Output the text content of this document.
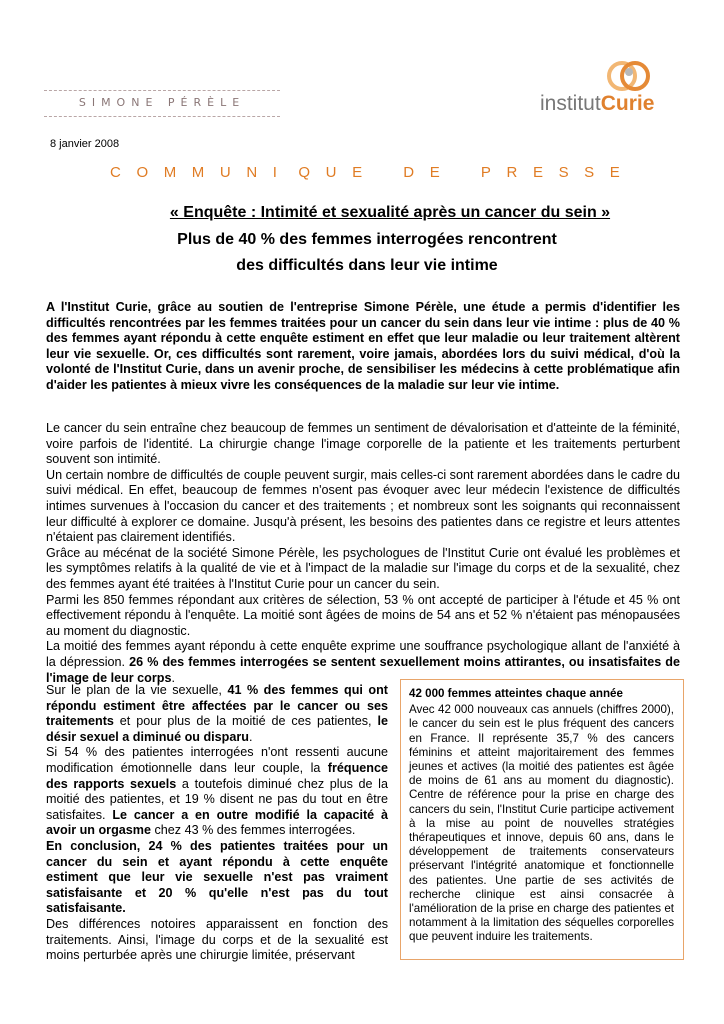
SIMONE PÉRÈLE	institutCurie
8 janvier 2008
C O M M U N I	Q U E	D E	P R E S S E
« Enquête : Intimité et sexualité après un cancer du sein »
Plus de 40 % des femmes interrogées rencontrent
des difficultés dans leur vie intime
A l'Institut Curie, grâce au soutien de l'entreprise Simone Pérèle, une étude a permis d'identifier les difficultés rencontrées par les femmes traitées pour un cancer du sein dans leur vie intime : plus de 40 % des femmes ayant répondu à cette enquête estiment en effet que leur maladie ou leur traitement altèrent leur vie sexuelle. Or, ces difficultés sont rarement, voire jamais, abordées lors du suivi médical, d'où la volonté de l'Institut Curie, dans un avenir proche, de sensibiliser les médecins à cette problématique afin d'aider les patientes à mieux vivre les conséquences de la maladie sur leur vie intime.

Le cancer du sein entraîne chez beaucoup de femmes un sentiment de dévalorisation et d'atteinte de la féminité, voire parfois de l'identité. La chirurgie change l'image corporelle de la patiente et les traitements perturbent souvent son intimité.

Un certain nombre de difficultés de couple peuvent surgir, mais celles-ci sont rarement abordées dans le cadre du suivi médical. En effet, beaucoup de femmes n'osent pas évoquer avec leur médecin l'existence de difficultés intimes survenues à l'occasion du cancer et des traitements ; et nombreux sont les soignants qui reconnaissent leur difficulté à explorer ce domaine. Jusqu'à présent, les besoins des patientes dans ce registre et leurs attentes n'étaient pas clairement identifiés.

Grâce au mécénat de la société Simone Pérèle, les psychologues de l'Institut Curie ont évalué les problèmes et les symptômes relatifs à la qualité de vie et à l'impact de la maladie sur l'image du corps et de la sexualité, chez des femmes ayant été traitées à l'Institut Curie pour un cancer du sein.

Parmi les 850 femmes répondant aux critères de sélection, 53 % ont accepté de participer à l'étude et 45 % ont effectivement répondu à l'enquête. La moitié sont âgées de moins de 54 ans et 52 % n'étaient pas ménopausées au moment du diagnostic.

La moitié des femmes ayant répondu à cette enquête exprime une souffrance psychologique allant de l'anxiété à la dépression. 26 % des femmes interrogées se sentent sexuellement moins attirantes, ou insatisfaites de l'image de leur corps.

Sur le plan de la vie sexuelle, 41 % des femmes qui ont répondu estiment être affectées par le cancer ou ses traitements et pour plus de la moitié de ces patientes, le désir sexuel a diminué ou disparu.

Si 54 % des patientes interrogées n'ont ressenti aucune modification émotionnelle dans leur couple, la fréquence des rapports sexuels a toutefois diminué chez plus de la moitié des patientes, et 19 % disent ne pas du tout en être satisfaites. Le cancer a en outre modifié la capacité à avoir un orgasme chez 43 % des femmes interrogées.

En conclusion, 24 % des patientes traitées pour un cancer du sein et ayant répondu à cette enquête estiment que leur vie sexuelle n'est pas vraiment satisfaisante et 20 % qu'elle n'est pas du tout satisfaisante.

Des différences notoires apparaissent en fonction des traitements. Ainsi, l'image du corps et de la sexualité est moins perturbée après une chirurgie limitée, préservant

42 000 femmes atteintes chaque année
Avec 42 000 nouveaux cas annuels (chiffres 2000), le cancer du sein est le plus fréquent des cancers en France. Il représente 35,7 % des cancers féminins et atteint majoritairement des femmes jeunes et actives (la moitié des patientes est âgée de moins de 61 ans au moment du diagnostic). Centre de référence pour la prise en charge des cancers du sein, l'Institut Curie participe activement à la mise au point de nouvelles stratégies thérapeutiques et innove, depuis 60 ans, dans le développement de traitements conservateurs préservant l'intégrité anatomique et fonctionnelle des patientes. Une partie de ses activités de recherche clinique est ainsi consacrée à l'amélioration de la prise en charge des patientes et notamment à la limitation des séquelles corporelles que peuvent induire les traitements.
